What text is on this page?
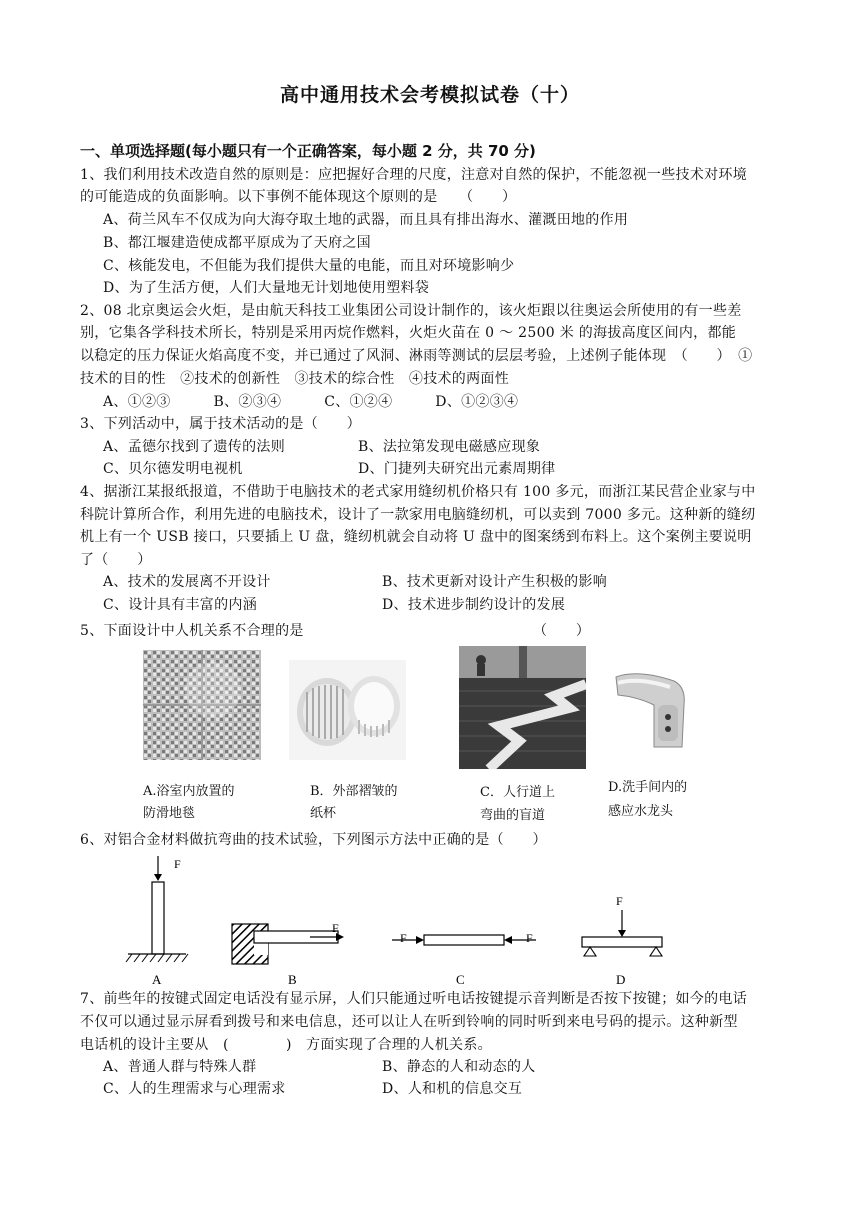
高中通用技术会考模拟试卷（十）
一、单项选择题(每小题只有一个正确答案，每小题 2 分，共 70 分)
1、我们利用技术改造自然的原则是：应把握好合理的尺度，注意对自然的保护，不能忽视一些技术对环境
的可能造成的负面影响。以下事例不能体现这个原则的是　　（　　）
A、荷兰风车不仅成为向大海夺取土地的武器，而且具有排出海水、灌溉田地的作用
B、都江堰建造使成都平原成为了天府之国
C、核能发电，不但能为我们提供大量的电能，而且对环境影响少
D、为了生活方便，人们大量地无计划地使用塑料袋
2、08 北京奥运会火炬，是由航天科技工业集团公司设计制作的，该火炬跟以往奥运会所使用的有一些差
别，它集各学科技术所长，特别是采用丙烷作燃料，火炬火苗在 0 ～ 2500 米 的海拔高度区间内，都能
以稳定的压力保证火焰高度不变，并已通过了风洞、淋雨等测试的层层考验，上述例子能体现　（　　）　①
技术的目的性　②技术的创新性　③技术的综合性　④技术的两面性
A、①②③　　　B、②③④　　　C、①②④　　　D、①②③④
3、下列活动中，属于技术活动的是（　　）
A、孟德尔找到了遗传的法则	B、法拉第发现电磁感应现象
C、贝尔德发明电视机	D、门捷列夫研究出元素周期律
4、据浙江某报纸报道，不借助于电脑技术的老式家用缝纫机价格只有 100 多元，而浙江某民营企业家与中
科院计算所合作，利用先进的电脑技术，设计了一款家用电脑缝纫机，可以卖到 7000 多元。这种新的缝纫
机上有一个 USB 接口，只要插上 U 盘，缝纫机就会自动将 U 盘中的图案绣到布料上。这个案例主要说明
了（　　）
A、技术的发展离不开设计	B、技术更新对设计产生积极的影响
C、设计具有丰富的内涵	D、技术进步制约设计的发展
5、下面设计中人机关系不合理的是	（　　）
A.浴室内放置的
防滑地毯
B．外部褶皱的
纸杯
C．人行道上
弯曲的盲道
D.洗手间内的
感应水龙头
6、对铝合金材料做抗弯曲的技术试验，下列图示方法中正确的是（　　）
F
A
F
B
F	F
C
F
D
7、前些年的按键式固定电话没有显示屏，人们只能通过听电话按键提示音判断是否按下按键；如今的电话
不仅可以通过显示屏看到拨号和来电信息，还可以让人在听到铃响的同时听到来电号码的提示。这种新型
电话机的设计主要从　(　　　　)　方面实现了合理的人机关系。
A、普通人群与特殊人群	B、静态的人和动态的人
C、人的生理需求与心理需求	D、人和机的信息交互
